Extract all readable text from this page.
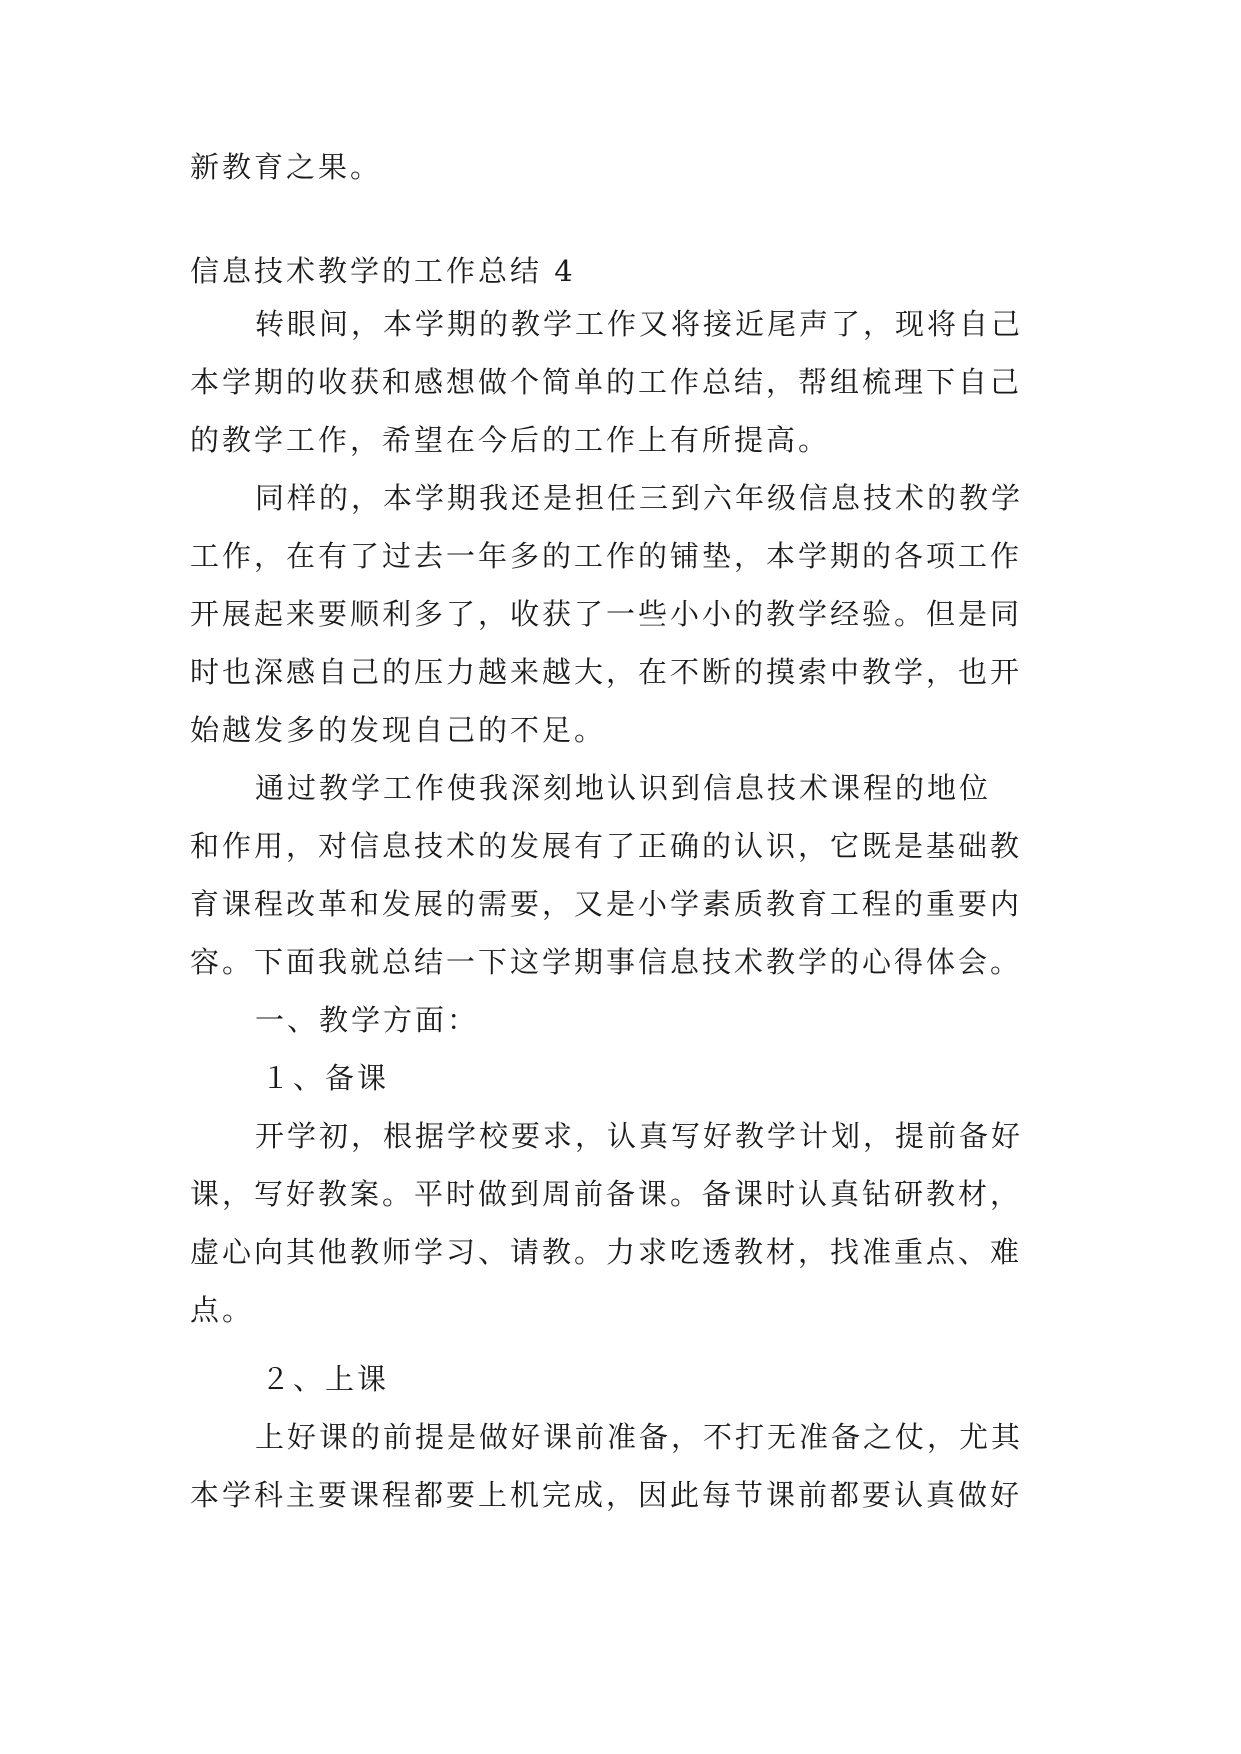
新教育之果。
信息技术教学的工作总结 4
转眼间，本学期的教学工作又将接近尾声了，现将自己
本学期的收获和感想做个简单的工作总结，帮组梳理下自己
的教学工作，希望在今后的工作上有所提高。
同样的，本学期我还是担任三到六年级信息技术的教学
工作，在有了过去一年多的工作的铺垫，本学期的各项工作
开展起来要顺利多了，收获了一些小小的教学经验。但是同
时也深感自己的压力越来越大，在不断的摸索中教学，也开
始越发多的发现自己的不足。
通过教学工作使我深刻地认识到信息技术课程的地位
和作用，对信息技术的发展有了正确的认识，它既是基础教
育课程改革和发展的需要，又是小学素质教育工程的重要内
容。下面我就总结一下这学期事信息技术教学的心得体会。
一、教学方面：
１、备课
开学初，根据学校要求，认真写好教学计划，提前备好
课，写好教案。平时做到周前备课。备课时认真钻研教材，
虚心向其他教师学习、请教。力求吃透教材，找准重点、难
点。
２、上课
上好课的前提是做好课前准备，不打无准备之仗，尤其
本学科主要课程都要上机完成，因此每节课前都要认真做好
